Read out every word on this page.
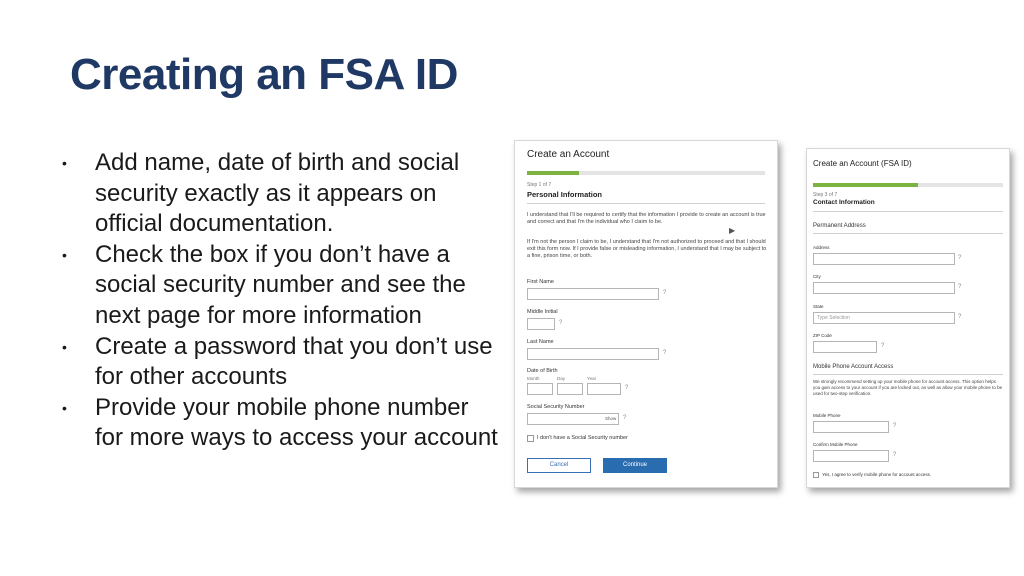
Creating an FSA ID
• Add name, date of birth and social security exactly as it appears on official documentation.
• Check the box if you don’t have a social security number and see the next page for more information
• Create a password that you don’t use for other accounts
• Provide your mobile phone number for more ways to access your account
Create an Account
Step 1 of 7
Personal Information
I understand that I'll be required to certify that the information I provide to create an account is true and correct and that I'm the individual who I claim to be.
If I'm not the person I claim to be, I understand that I'm not authorized to proceed and that I should exit this form now. If I provide false or misleading information, I understand that I may be subject to a fine, prison time, or both.
▶
First Name
?
Middle Initial
?
Last Name
?
Date of Birth
Month	Day	Year
?
Social Security Number
Show ?
I don't have a Social Security number
Cancel	Continue
Create an Account (FSA ID)
Step 3 of 7
Contact Information
Permanent Address
Address
?
City
?
State
Type Selection	?
ZIP Code
?
Mobile Phone Account Access
We strongly recommend setting up your mobile phone for account access. This option helps you gain access to your account if you are locked out, as well as allow your mobile phone to be used for two-step verification.
Mobile Phone
?
Confirm Mobile Phone
?
Yes, I agree to verify mobile phone for account access.
